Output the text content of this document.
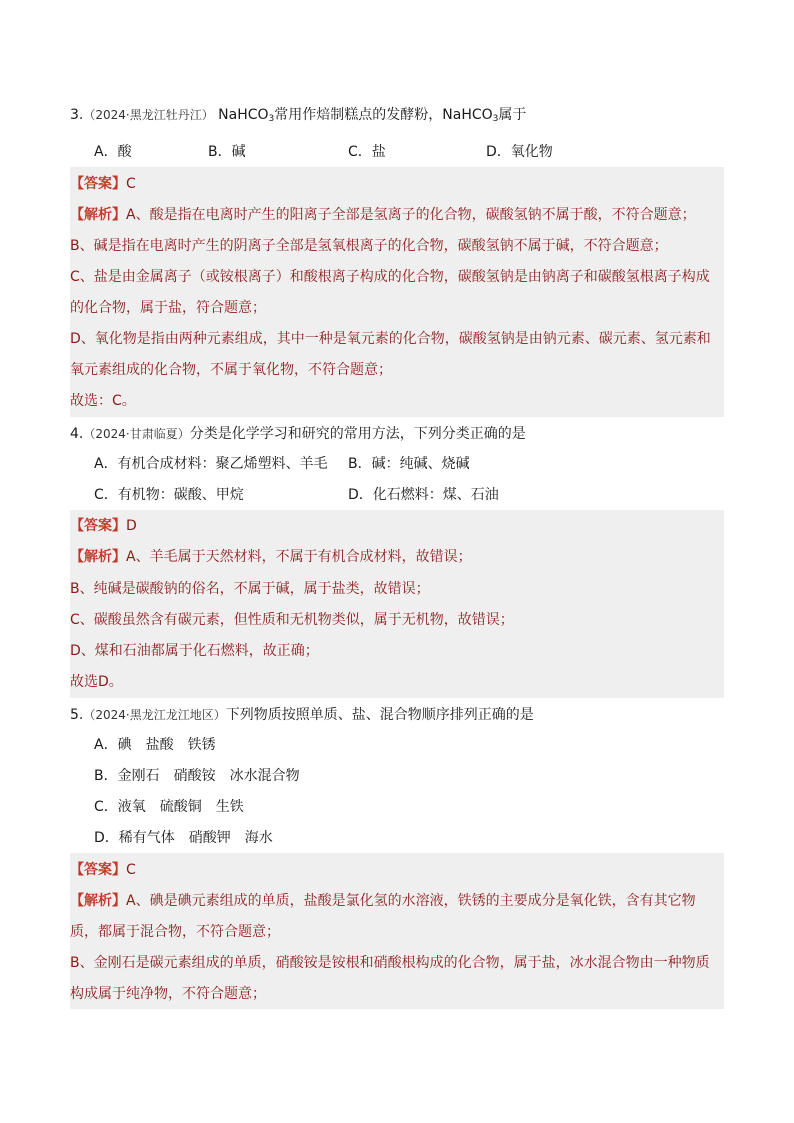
3.（2024·黑龙江牡丹江） NaHCO$_3$常用作焙制糕点的发酵粉，NaHCO$_3$属于
A．酸	B．碱	C．盐	D．氧化物
【答案】C
【解析】A、酸是指在电离时产生的阳离子全部是氢离子的化合物，碳酸氢钠不属于酸，不符合题意；
B、碱是指在电离时产生的阴离子全部是氢氧根离子的化合物，碳酸氢钠不属于碱，不符合题意；
C、盐是由金属离子（或铵根离子）和酸根离子构成的化合物，碳酸氢钠是由钠离子和碳酸氢根离子构成
的化合物，属于盐，符合题意；
D、氧化物是指由两种元素组成，其中一种是氧元素的化合物，碳酸氢钠是由钠元素、碳元素、氢元素和
氧元素组成的化合物，不属于氧化物，不符合题意；
故选：C。
4.（2024·甘肃临夏）分类是化学学习和研究的常用方法，下列分类正确的是
A．有机合成材料：聚乙烯塑料、羊毛 B．碱：纯碱、烧碱
C．有机物：碳酸、甲烷	D．化石燃料：煤、石油
【答案】D
【解析】A、羊毛属于天然材料，不属于有机合成材料，故错误；
B、纯碱是碳酸钠的俗名，不属于碱，属于盐类，故错误；
C、碳酸虽然含有碳元素，但性质和无机物类似，属于无机物，故错误；
D、煤和石油都属于化石燃料，故正确；
故选D。
5.（2024·黑龙江龙江地区）下列物质按照单质、盐、混合物顺序排列正确的是
A．碘　盐酸　铁锈
B．金刚石　硝酸铵　冰水混合物
C．液氧　硫酸铜　生铁
D．稀有气体　硝酸钾　海水
【答案】C
【解析】A、碘是碘元素组成的单质，盐酸是氯化氢的水溶液，铁锈的主要成分是氧化铁，含有其它物
质，都属于混合物，不符合题意；
B、金刚石是碳元素组成的单质，硝酸铵是铵根和硝酸根构成的化合物，属于盐，冰水混合物由一种物质
构成属于纯净物，不符合题意；
